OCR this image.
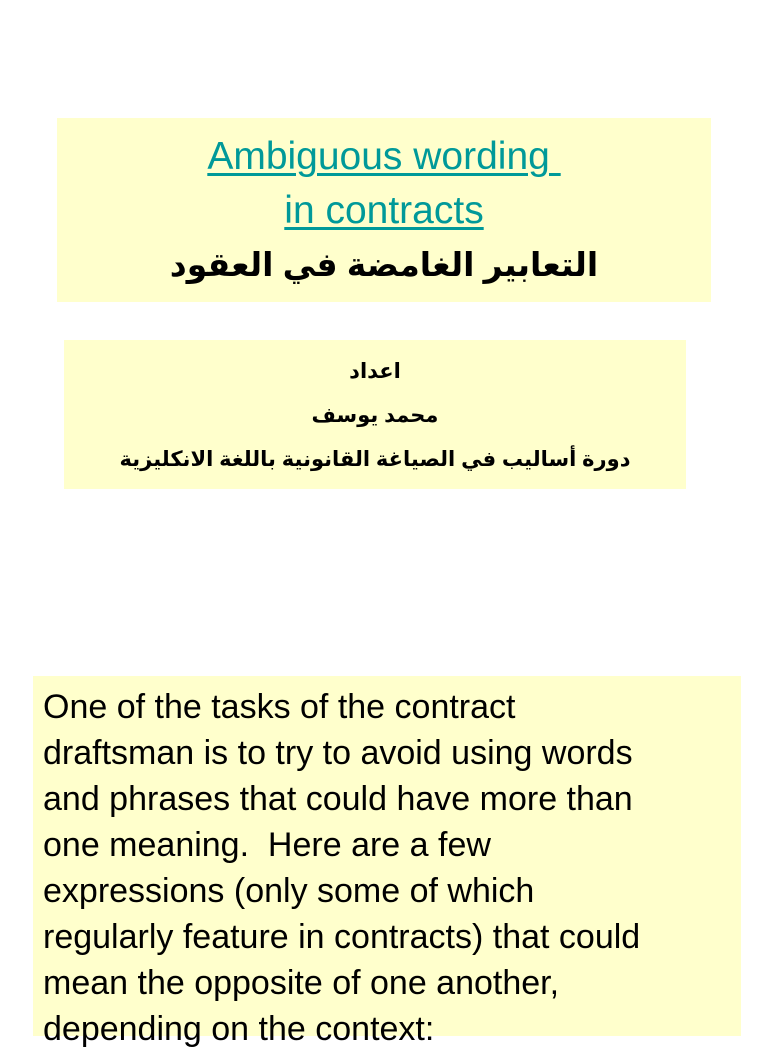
Ambiguous wording
in contracts
التعابير الغامضة في العقود
اعداد
محمد يوسف
دورة أساليب في الصياغة القانونية باللغة الانكليزية

One of the tasks of the contract
draftsman is to try to avoid using words
and phrases that could have more than
one meaning.  Here are a few
expressions (only some of which
regularly feature in contracts) that could
mean the opposite of one another,
depending on the context:
